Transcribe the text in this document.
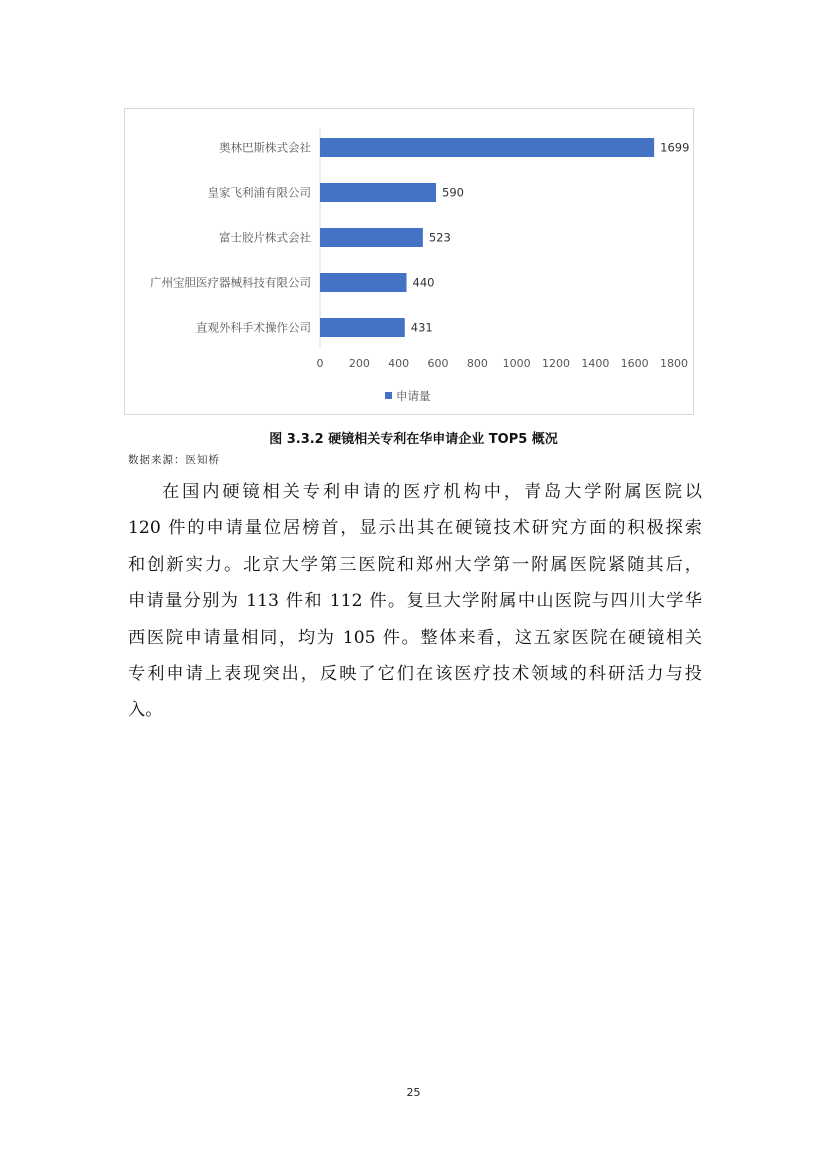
奥林巴斯株式会社	1699
皇家飞利浦有限公司	590
富士胶片株式会社	523
广州宝胆医疗器械科技有限公司	440
直观外科手术操作公司	431
0 200 400 600 800 1000 1200 1400 1600 1800
申请量
图 3.3.2 硬镜相关专利在华申请企业 TOP5 概况
数据来源：医知桥
在国内硬镜相关专利申请的医疗机构中，青岛大学附属医院以
120 件的申请量位居榜首，显示出其在硬镜技术研究方面的积极探索
和创新实力。北京大学第三医院和郑州大学第一附属医院紧随其后，
申请量分别为 113 件和 112 件。复旦大学附属中山医院与四川大学华
西医院申请量相同，均为 105 件。整体来看，这五家医院在硬镜相关
专利申请上表现突出，反映了它们在该医疗技术领域的科研活力与投
入。
25
